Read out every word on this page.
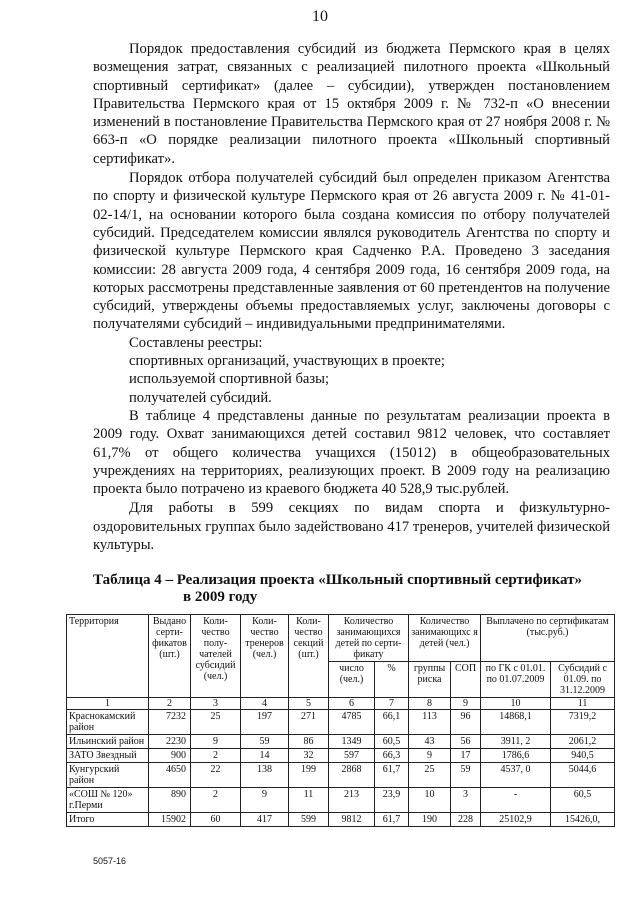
10

Порядок предоставления субсидий из бюджета Пермского края в целях возмещения затрат, связанных с реализацией пилотного проекта «Школьный спортивный сертификат» (далее – субсидии), утвержден постановлением Правительства Пермского края от 15 октября 2009 г. № 732-п «О внесении изменений в постановление Правительства Пермского края от 27 ноября 2008 г. № 663-п «О порядке реализации пилотного проекта «Школьный спортивный сертификат».

Порядок отбора получателей субсидий был определен приказом Агентства по спорту и физической культуре Пермского края от 26 августа 2009 г. № 41-01-02-14/1, на основании которого была создана комиссия по отбору получателей субсидий. Председателем комиссии являлся руководитель Агентства по спорту и физической культуре Пермского края Садченко Р.А. Проведено 3 заседания комиссии: 28 августа 2009 года, 4 сентября 2009 года, 16 сентября 2009 года, на которых рассмотрены представленные заявления от 60 претендентов на получение субсидий, утверждены объемы предоставляемых услуг, заключены договоры с получателями субсидий – индивидуальными предпринимателями.

Составлены реестры:

спортивных организаций, участвующих в проекте;

используемой спортивной базы;

получателей субсидий.

В таблице 4 представлены данные по результатам реализации проекта в 2009 году. Охват занимающихся детей составил 9812 человек, что составляет 61,7% от общего количества учащихся (15012) в общеобразовательных учреждениях на территориях, реализующих проект. В 2009 году на реализацию проекта было потрачено из краевого бюджета 40 528,9 тыс.рублей.

Для работы в 599 секциях по видам спорта и физкультурно-оздоровительных группах было задействовано 417 тренеров, учителей физической культуры.

Таблица 4 – Реализация проекта «Школьный спортивный сертификат»
в 2009 году
Территория	Выдано серти-фикатов (шт.)	Коли-чество полу-чателей субсидий (чел.)	Коли-чество тренеров (чел.)	Коли-чество секций (шт.)	Количество занимающихся детей по серти-фикату		Количество занимающихс я детей (чел.)		Выплачено по сертификатам (тыс.руб.)	
					число (чел.)	%	группы риска	СОП	по ГК с 01.01. по 01.07.2009	Субсидий с 01.09. по 31.12.2009
1	2	3	4	5	6	7	8	9	10	11
Краснокамский район	7232	25	197	271	4785	66,1	113	96	14868,1	7319,2
Ильинский район	2230	9	59	86	1349	60,5	43	56	3911, 2	2061,2
ЗАТО Звездный	900	2	14	32	597	66,3	9	17	1786,6	940,5
Кунгурский район	4650	22	138	199	2868	61,7	25	59	4537, 0	5044,6
«СОШ № 120» г.Перми	890	2	9	11	213	23,9	10	3	-	60,5
Итого	15902	60	417	599	9812	61,7	190	228	25102,9	15426,0,
5057-16
